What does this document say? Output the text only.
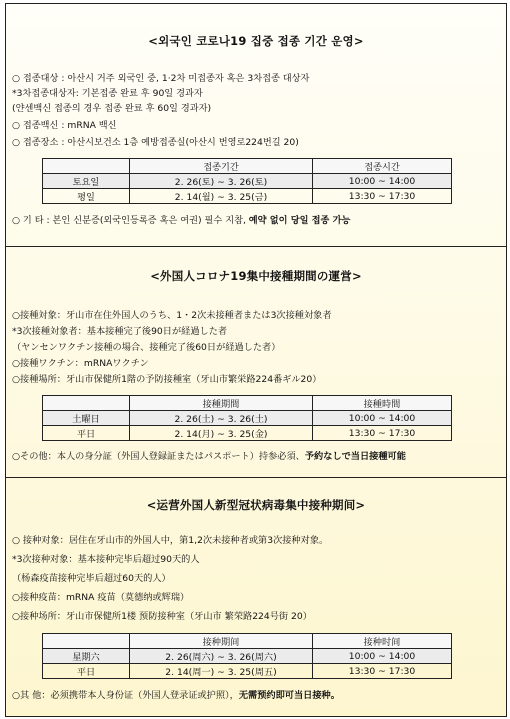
<외국인 코로나19 집중 접종 기간 운영>
○ 접종대상 : 아산시 거주 외국인 중, 1·2차 미접종자 혹은 3차접종 대상자
*3차접종대상자: 기본접종 완료 후 90일 경과자
(얀센백신 접종의 경우 접종 완료 후 60일 경과자)
○ 접종백신 : mRNA 백신
○ 접종장소 : 아산시보건소 1층 예방접종실(아산시 번영로224번길 20)
	접종기간	접종시간
토요일	2. 26(토) ~ 3. 26(토)	10:00 ~ 14:00
평일	2. 14(월) ~ 3. 25(금)	13:30 ~ 17:30
○ 기 타 : 본인 신분증(외국인등록증 혹은 여권) 필수 지참, 예약 없이 당일 접종 가능
<外国人コロナ19集中接種期間の運営>
○接種対象：牙山市在住外国人のうち、1・2次未接種者または3次接種対象者
*3次接種対象者：基本接種完了後90日が経過した者
（ヤンセンワクチン接種の場合、接種完了後60日が経過した者）
○接種ワクチン：mRNAワクチン
○接種場所：牙山市保健所1階の予防接種室（牙山市繁栄路224番ギル20）
	接種期間	接種時間
土曜日	2. 26(土) ~ 3. 26(土)	10:00 ~ 14:00
平日	2. 14(月) ~ 3. 25(金)	13:30 ~ 17:30
○その他：本人の身分証（外国人登録証またはパスポート）持参必須、予約なしで当日接種可能
<运营外国人新型冠状病毒集中接种期间>
○ 接种对象：居住在牙山市的外国人中，第1,2次未接种者或第3次接种对象。
*3次接种对象：基本接种完毕后超过90天的人
（杨森疫苗接种完毕后超过60天的人）
○接种疫苗：mRNA 疫苗（莫德纳或辉瑞）
○接种场所：牙山市保健所1楼 预防接种室（牙山市 繁荣路224号街 20）
	接种期间	接种时间
星期六	2. 26(周六) ~ 3. 26(周六)	10:00 ~ 14:00
平日	2. 14(周一) ~ 3. 25(周五)	13:30 ~ 17:30
○其 他：必须携带本人身份证（外国人登录证或护照），无需预约即可当日接种。
